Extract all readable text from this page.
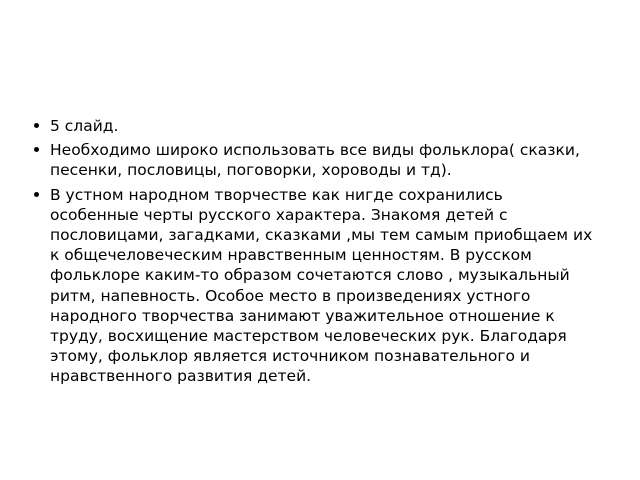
5 слайд.
Необходимо широко использовать все виды фольклора( сказки, песенки, пословицы, поговорки, хороводы и тд).
В устном народном творчестве как нигде сохранились особенные черты русского характера. Знакомя детей с пословицами, загадками, сказками ,мы тем самым приобщаем их к общечеловеческим нравственным ценностям. В русском фольклоре каким-то образом сочетаются слово , музыкальный ритм, напевность. Особое место в произведениях устного народного творчества занимают уважительное отношение к труду, восхищение мастерством человеческих рук. Благодаря этому, фольклор является источником познавательного и нравственного развития детей.
